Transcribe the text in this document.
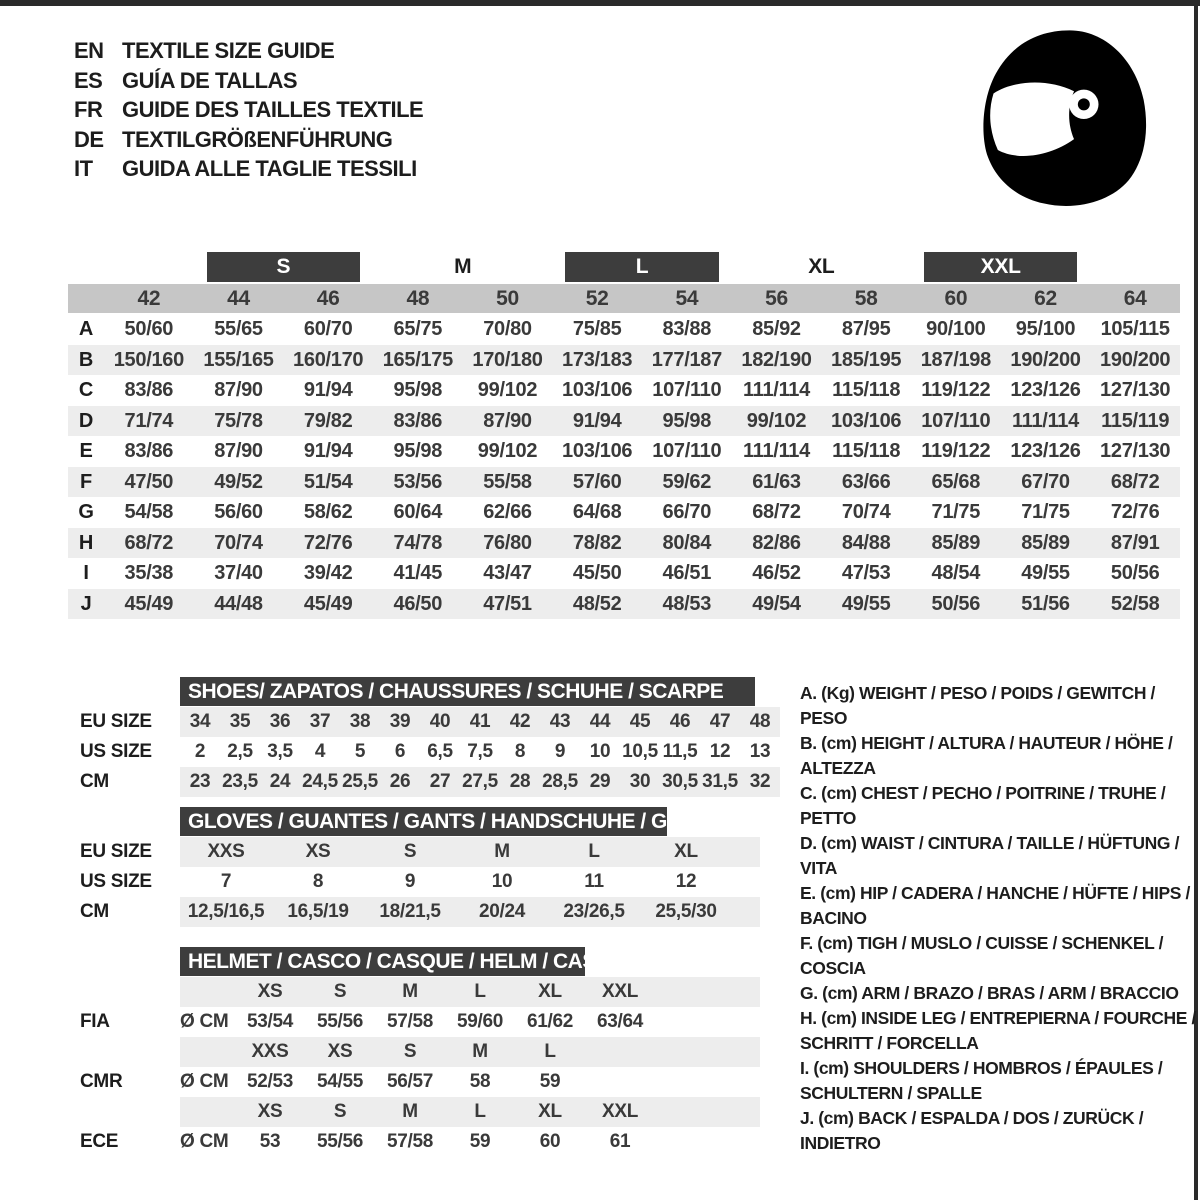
EN TEXTILE SIZE GUIDE
ES GUÍA DE TALLAS
FR GUIDE DES TAILLES TEXTILE
DE TEXTILGRÖßENFÜHRUNG
IT	GUIDA ALLE TAGLIE TESSILI
S	M	L	XL	XXL
42	44	46	48	50	52	54	56	58	60	62	64
A	50/60	55/65	60/70	65/75	70/80	75/85	83/88	85/92	87/95	90/100	95/100	105/115
B	150/160 155/165 160/170 165/175 170/180 173/183 177/187 182/190 185/195 187/198 190/200 190/200
C	83/86	87/90	91/94	95/98	99/102	103/106	107/110	111/114	115/118	119/122	123/126 127/130
D	71/74	75/78	79/82	83/86	87/90	91/94	95/98	99/102	103/106	107/110	111/114	115/119
E	83/86	87/90	91/94	95/98	99/102	103/106	107/110	111/114	115/118	119/122	123/126 127/130
F	47/50	49/52	51/54	53/56	55/58	57/60	59/62	61/63	63/66	65/68	67/70	68/72
G	54/58	56/60	58/62	60/64	62/66	64/68	66/70	68/72	70/74	71/75	71/75	72/76
H	68/72	70/74	72/76	74/78	76/80	78/82	80/84	82/86	84/88	85/89	85/89	87/91
I	35/38	37/40	39/42	41/45	43/47	45/50	46/51	46/52	47/53	48/54	49/55	50/56
J	45/49	44/48	45/49	46/50	47/51	48/52	48/53	49/54	49/55	50/56	51/56	52/58
SHOES/ ZAPATOS / CHAUSSURES / SCHUHE / SCARPE
EU SIZE	34	35	36	37	38	39	40	41	42	43	44	45	46	47	48
US SIZE	2	2,5 3,5	4	5	6	6,5 7,5	8	9	10 10,5 11,5 12	13
CM	23 23,5 24 24,5 25,5 26	27 27,5 28 28,5 29	30 30,5 31,5 32
GLOVES / GUANTES / GANTS / HANDSCHUHE / GUANTI
EU SIZE	XXS	XS	S	M	L	XL
US SIZE	7	8	9	10	11	12
CM	12,5/16,5	16,5/19	18/21,5	20/24	23/26,5	25,5/30
HELMET / CASCO / CASQUE / HELM / CASCO
XS	S	M	L	XL	XXL
FIA	Ø CM 53/54	55/56	57/58	59/60	61/62	63/64
XXS	XS	S	M	L
CMR	Ø CM 52/53	54/55	56/57	58	59
XS	S	M	L	XL	XXL
ECE	Ø CM	53	55/56	57/58	59	60	61
A. (Kg) WEIGHT / PESO / POIDS / GEWITCH / PESO
B. (cm) HEIGHT / ALTURA / HAUTEUR / HÖHE / ALTEZZA
C. (cm) CHEST / PECHO / POITRINE / TRUHE / PETTO
D. (cm) WAIST / CINTURA / TAILLE / HÜFTUNG / VITA
E. (cm) HIP / CADERA / HANCHE / HÜFTE / HIPS / BACINO
F. (cm) TIGH / MUSLO / CUISSE / SCHENKEL / COSCIA
G. (cm) ARM / BRAZO / BRAS / ARM / BRACCIO
H. (cm) INSIDE LEG / ENTREPIERNA / FOURCHE / SCHRITT / FORCELLA
I. (cm) SHOULDERS / HOMBROS / ÉPAULES / SCHULTERN / SPALLE
J. (cm) BACK / ESPALDA / DOS / ZURÜCK / INDIETRO
